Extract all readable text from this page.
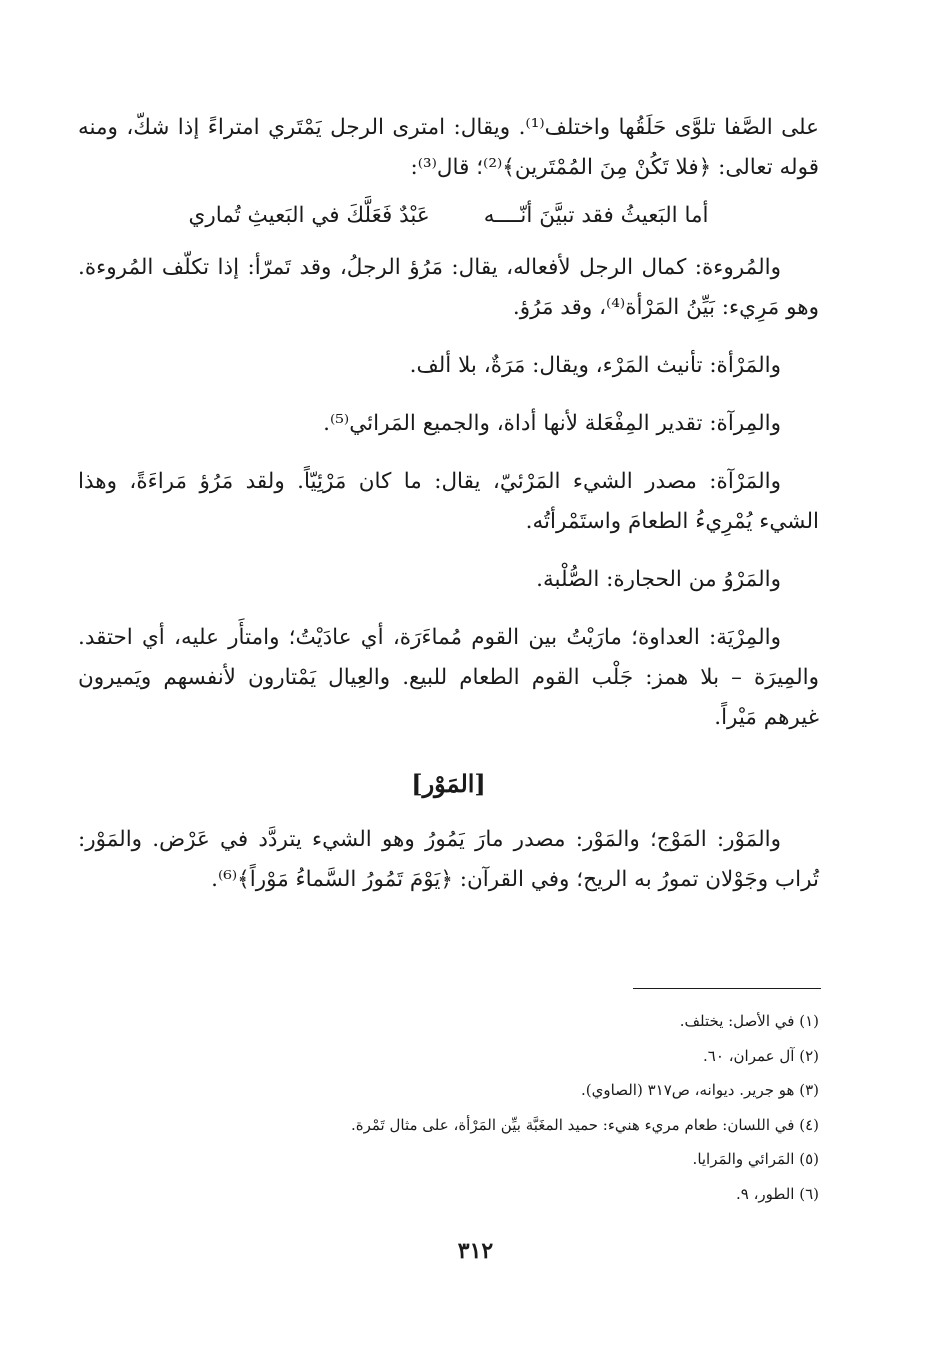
على الصَّفا تلوَّى حَلَقُها واختلف⁽¹⁾. ويقال: امترى الرجل يَمْتَري امتراءً إذا شكّ، ومنه قوله تعالى: ﴿فلا تَكُنْ مِنَ المُمْتَرين﴾⁽²⁾؛ قال⁽³⁾:

أما البَعيثُ فقد تبيَّنَ أنّــــه
عَبْدٌ فَعَلَّكَ في البَعيثِ تُماري

والمُروءة: كمال الرجل لأفعاله، يقال: مَرُؤ الرجلُ، وقد تَمرّأ: إذا تكلّف المُروءة. وهو مَرِيء: بَيِّنُ المَرْأة⁽⁴⁾، وقد مَرُؤ.

والمَرْأة: تأنيث المَرْء، ويقال: مَرَةٌ، بلا ألف.

والمِرآة: تقدير المِفْعَلة لأنها أداة، والجميع المَرائي⁽⁵⁾.

والمَرْآة: مصدر الشيء المَرْئيّ، يقال: ما كان مَرْئِيّاً. ولقد مَرُؤ مَراءَةً، وهذا الشيء يُمْرِيءُ الطعامَ واستَمْرأتُه.

والمَرْوُ من الحجارة: الصُّلْبة.

والمِرْيَة: العداوة؛ مارَيْتُ بين القوم مُماءَرَة، أي عادَيْتُ؛ وامتأَر عليه، أي احتقد. والمِيرَة – بلا همز: جَلْب القوم الطعام للبيع. والعِيال يَمْتارون لأنفسهم ويَميرون غيرهم مَيْراً.

[المَوْر]

والمَوْر: المَوْج؛ والمَوْر: مصدر مارَ يَمُورُ وهو الشيء يتردَّد في عَرْض. والمَوْر: تُراب وجَوْلان تمورُ به الريح؛ وفي القرآن: ﴿يَوْمَ تَمُورُ السَّماءُ مَوْراً﴾⁽⁶⁾.

(١) في الأصل: يختلف.

(٢) آل عمران، ٦٠.

(٣) هو جرير. ديوانه، ص٣١٧ (الصاوي).

(٤) في اللسان: طعام مريء هنيء: حميد المغَبَّة بيِّن المَرْأة، على مثال تَمْرة.

(٥) المَرائي والمَرايا.

(٦) الطور، ٩.

٣١٢
